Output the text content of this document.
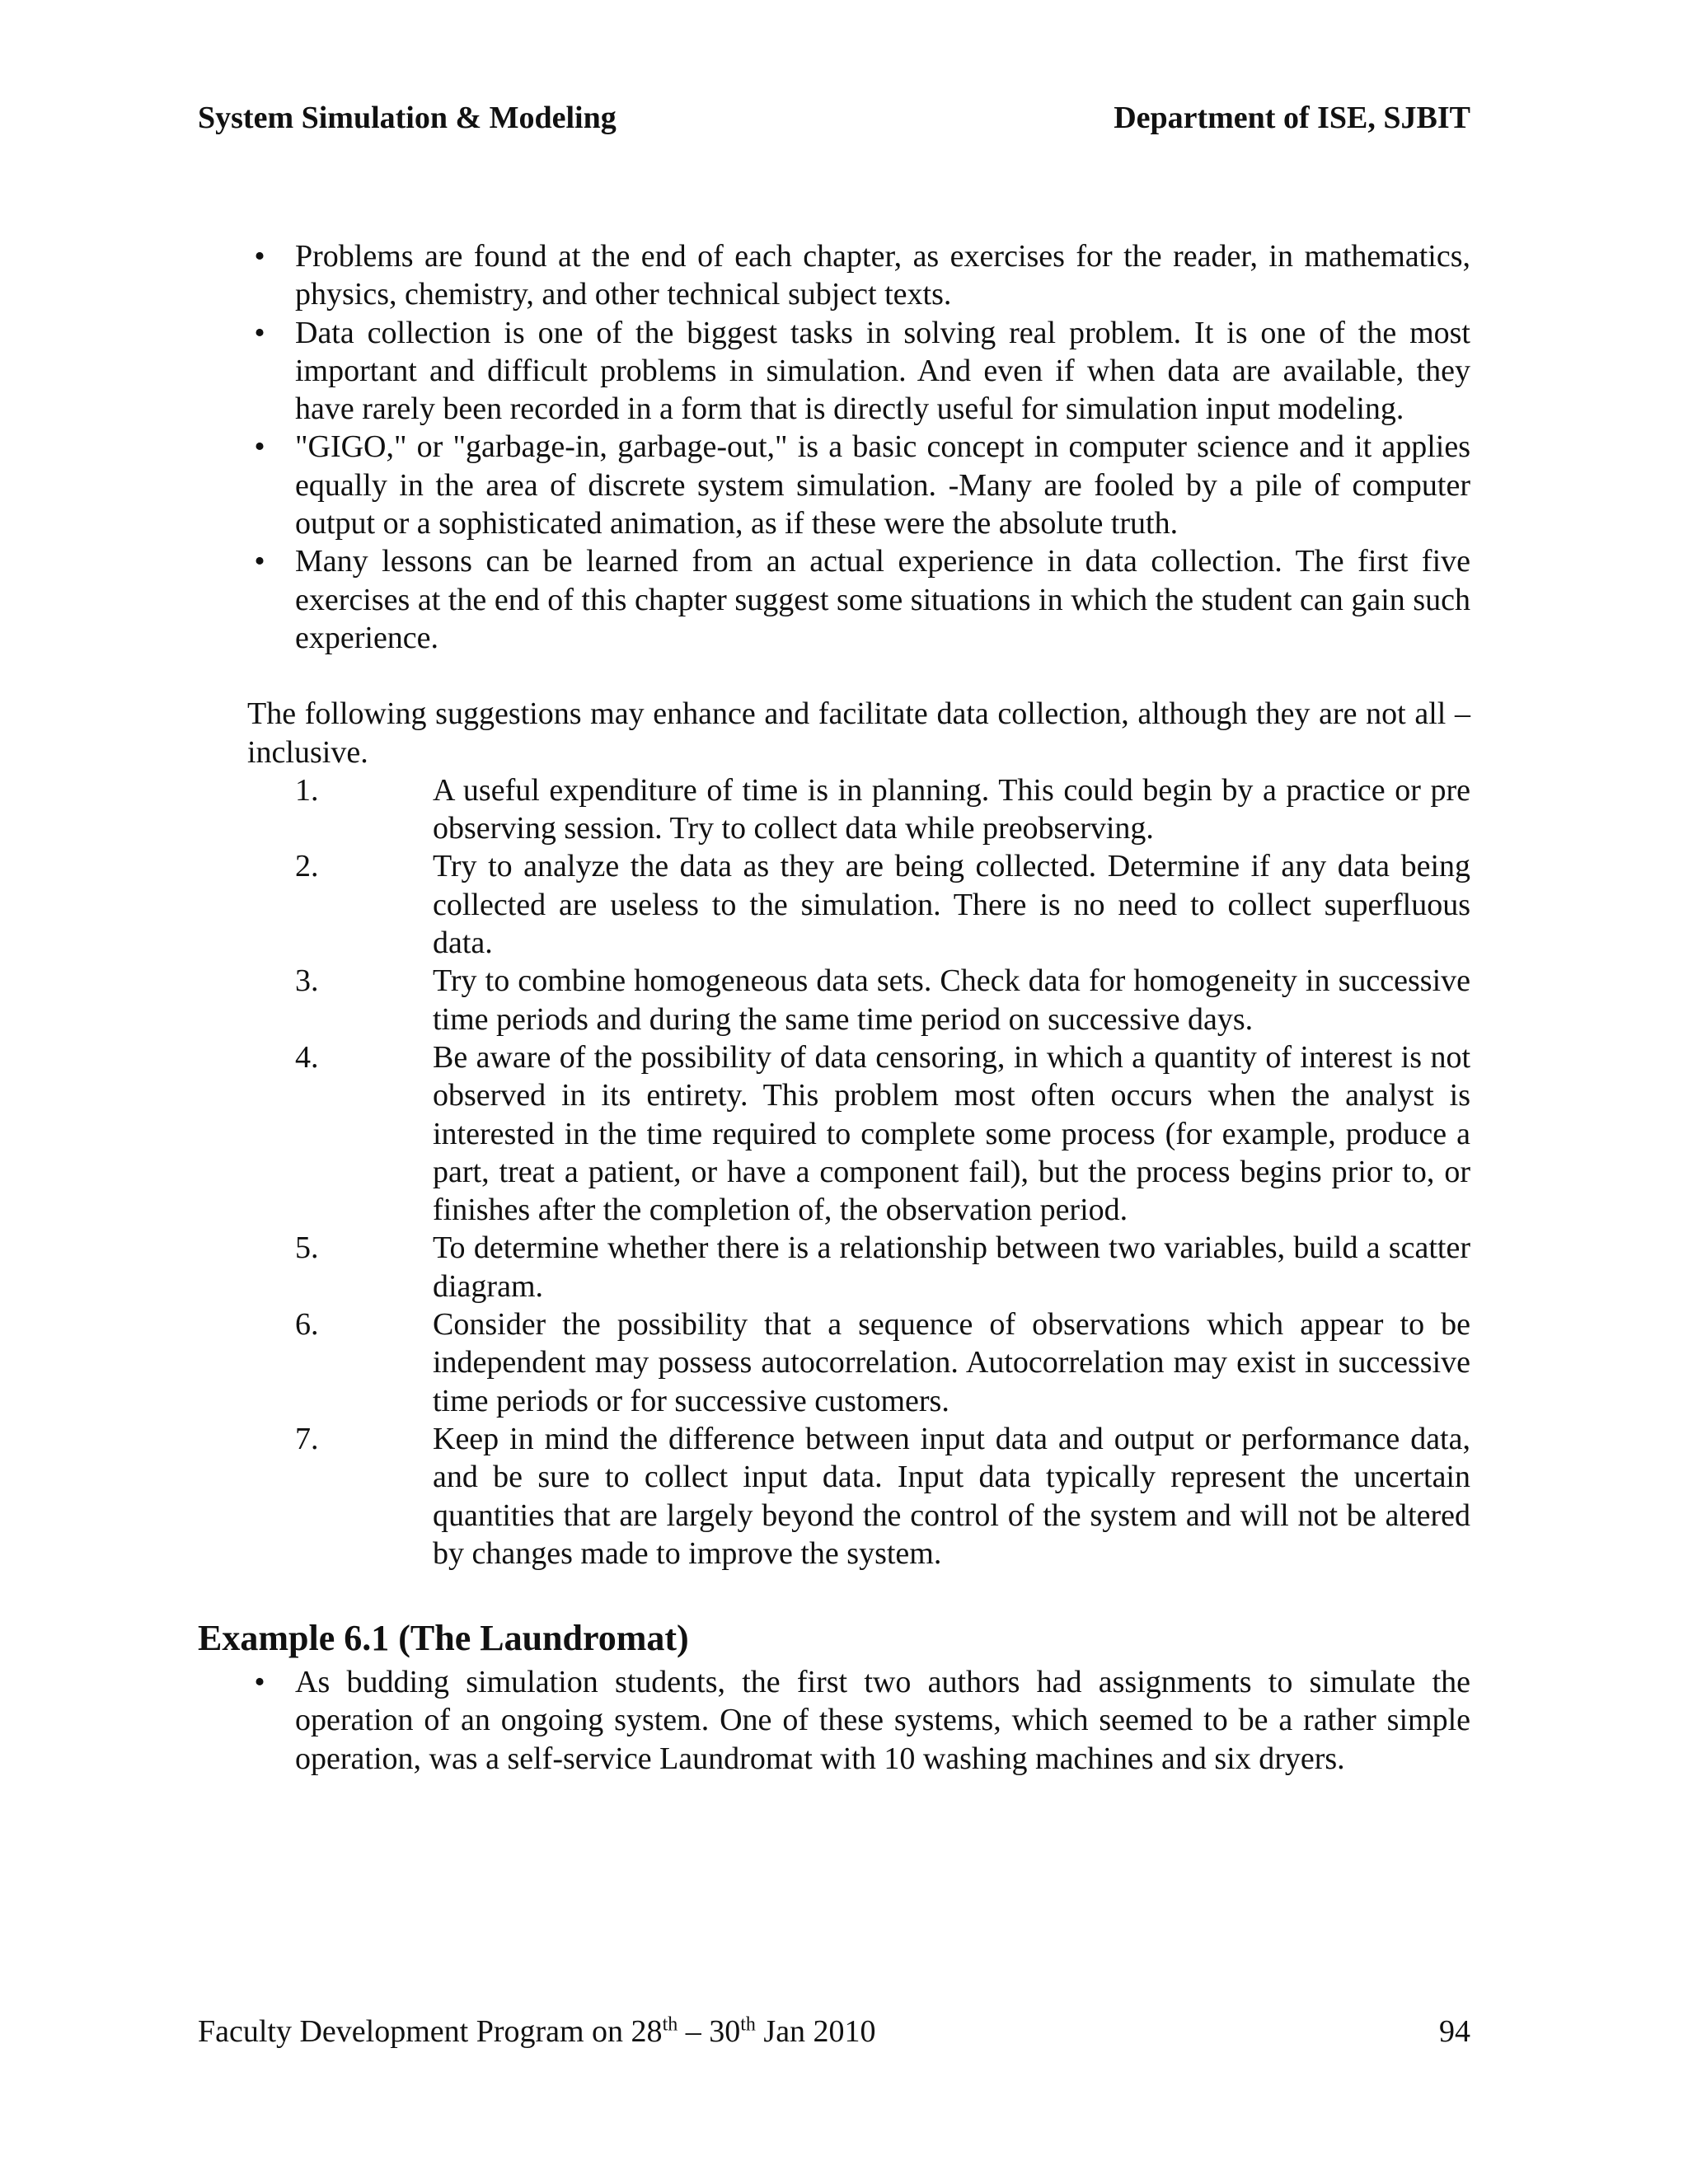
System Simulation & Modeling	Department of ISE, SJBIT
• Problems are found at the end of each chapter, as exercises for the reader, in mathematics, physics, chemistry, and other technical subject texts.
• Data collection is one of the biggest tasks in solving real problem. It is one of the most important and difficult problems in simulation. And even if when data are available, they have rarely been recorded in a form that is directly useful for simulation input modeling.
• "GIGO," or "garbage-in, garbage-out," is a basic concept in computer science and it applies equally in the area of discrete system simulation. -Many are fooled by a pile of computer output or a sophisticated animation, as if these were the absolute truth.
• Many lessons can be learned from an actual experience in data collection. The first five exercises at the end of this chapter suggest some situations in which the student can gain such experience.
The following suggestions may enhance and facilitate data collection, although they are not all – inclusive.
1.	A useful expenditure of time is in planning. This could begin by a practice or pre observing session. Try to collect data while preobserving.
2.	Try to analyze the data as they are being collected. Determine if any data being collected are useless to the simulation. There is no need to collect superfluous data.
3.	Try to combine homogeneous data sets. Check data for homogeneity in successive time periods and during the same time period on successive days.
4.	Be aware of the possibility of data censoring, in which a quantity of interest is not observed in its entirety. This problem most often occurs when the analyst is interested in the time required to complete some process (for example, produce a part, treat a patient, or have a component fail), but the process begins prior to, or finishes after the completion of, the observation period.
5.	To determine whether there is a relationship between two variables, build a scatter diagram.
6.	Consider the possibility that a sequence of observations which appear to be independent may possess autocorrelation. Autocorrelation may exist in successive time periods or for successive customers.
7.	Keep in mind the difference between input data and output or performance data, and be sure to collect input data. Input data typically represent the uncertain quantities that are largely beyond the control of the system and will not be altered by changes made to improve the system.
Example 6.1 (The Laundromat)
• As budding simulation students, the first two authors had assignments to simulate the operation of an ongoing system. One of these systems, which seemed to be a rather simple operation, was a self-service Laundromat with 10 washing machines and six dryers.
Faculty Development Program on 28th – 30th Jan 2010	94
